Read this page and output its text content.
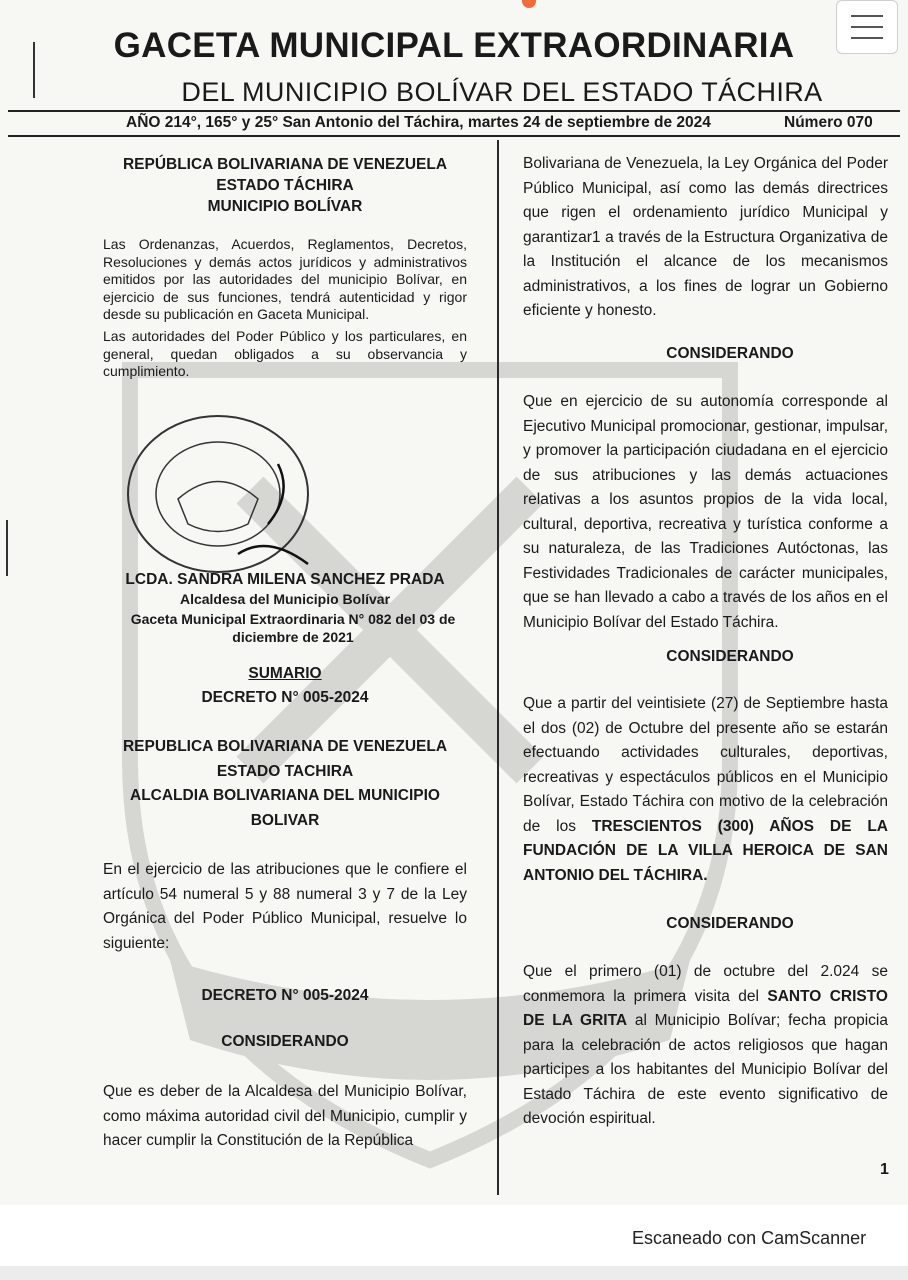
GACETA MUNICIPAL EXTRAORDINARIA
DEL MUNICIPIO BOLÍVAR DEL ESTADO TÁCHIRA
AÑO 214°, 165° y 25° San Antonio del Táchira, martes 24 de septiembre de 2024	Número 070
REPÚBLICA BOLIVARIANA DE VENEZUELA
ESTADO TÁCHIRA
MUNICIPIO BOLÍVAR
Las Ordenanzas, Acuerdos, Reglamentos, Decretos, Resoluciones y demás actos jurídicos y administrativos emitidos por las autoridades del municipio Bolívar, en ejercicio de sus funciones, tendrá autenticidad y rigor desde su publicación en Gaceta Municipal.
Las autoridades del Poder Público y los particulares, en general, quedan obligados a su observancia y cumplimiento.
LCDA. SANDRA MILENA SANCHEZ PRADA
Alcaldesa del Municipio Bolívar
Gaceta Municipal Extraordinaria N° 082 del 03 de diciembre de 2021
SUMARIO
DECRETO N° 005-2024
REPUBLICA BOLIVARIANA DE VENEZUELA
ESTADO TACHIRA
ALCALDIA BOLIVARIANA DEL MUNICIPIO
BOLIVAR
En el ejercicio de las atribuciones que le confiere el artículo 54 numeral 5 y 88 numeral 3 y 7 de la Ley Orgánica del Poder Público Municipal, resuelve lo siguiente:
DECRETO N° 005-2024
CONSIDERANDO
Que es deber de la Alcaldesa del Municipio Bolívar, como máxima autoridad civil del Municipio, cumplir y hacer cumplir la Constitución de la República
Bolivariana de Venezuela, la Ley Orgánica del Poder Público Municipal, así como las demás directrices que rigen el ordenamiento jurídico Municipal y garantizar1 a través de la Estructura Organizativa de la Institución el alcance de los mecanismos administrativos, a los fines de lograr un Gobierno eficiente y honesto.
CONSIDERANDO
Que en ejercicio de su autonomía corresponde al Ejecutivo Municipal promocionar, gestionar, impulsar, y promover la participación ciudadana en el ejercicio de sus atribuciones y las demás actuaciones relativas a los asuntos propios de la vida local, cultural, deportiva, recreativa y turística conforme a su naturaleza, de las Tradiciones Autóctonas, las Festividades Tradicionales de carácter municipales, que se han llevado a cabo a través de los años en el Municipio Bolívar del Estado Táchira.
CONSIDERANDO
Que a partir del veintisiete (27) de Septiembre hasta el dos (02) de Octubre del presente año se estarán efectuando actividades culturales, deportivas, recreativas y espectáculos públicos en el Municipio Bolívar, Estado Táchira con motivo de la celebración de los TRESCIENTOS (300) AÑOS DE LA FUNDACIÓN DE LA VILLA HEROICA DE SAN ANTONIO DEL TÁCHIRA.
CONSIDERANDO
Que el primero (01) de octubre del 2.024 se conmemora la primera visita del SANTO CRISTO DE LA GRITA al Municipio Bolívar; fecha propicia para la celebración de actos religiosos que hagan participes a los habitantes del Municipio Bolívar del Estado Táchira de este evento significativo de devoción espiritual.
1
Escaneado con CamScanner
